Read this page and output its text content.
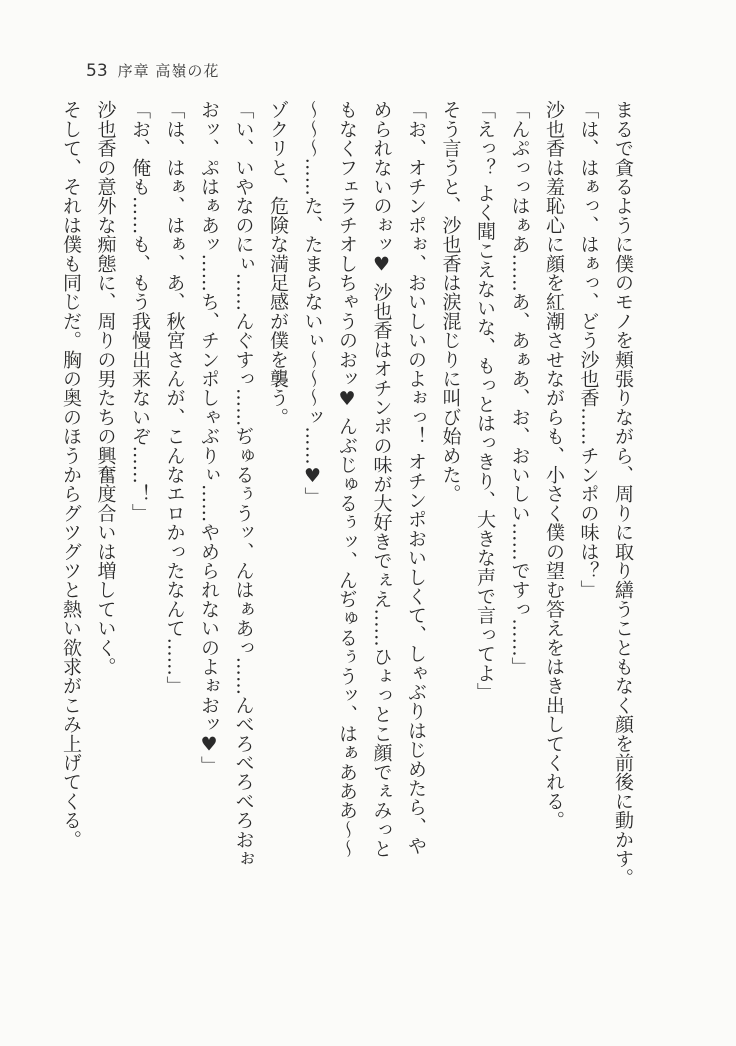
53 序章 高嶺の花
まるで貪るように僕のモノを頬張りながら、周りに取り繕うこともなく顔を前後に動かす。
「は、はぁっ、はぁっ、どう沙也香……チンポの味は？」
沙也香は羞恥心に顔を紅潮させながらも、小さく僕の望む答えをはき出してくれる。
「んぷっっはぁあ……あ、あぁあ、お、おいしい……ですっ……」
「えっ？ よく聞こえないな、もっとはっきり、大きな声で言ってよ」
そう言うと、沙也香は涙混じりに叫び始めた。
「お、オチンポぉ、おいしいのよぉっ！ オチンポおいしくて、しゃぶりはじめたら、や
められないのぉッ♥ 沙也香はオチンポの味が大好きでぇえ……ひょっとこ顔でぇみっと
もなくフェラチオしちゃうのおッ♥ んぶじゅるぅッ、んぢゅるぅうッ、はぁあああ～～
～～～……た、たまらないぃ～～～ッ……♥」
ゾクリと、危険な満足感が僕を襲う。
「い、いやなのにぃ……んぐすっ……ぢゅるぅうッ、んはぁあっ……んべろべろべろおぉ
おッ、ぷはぁあッ……ち、チンポしゃぶりぃ……やめられないのよぉおッ♥」
「は、はぁ、はぁ、あ、秋宮さんが、こんなエロかったなんて……」
「お、俺も……も、もう我慢出来ないぞ……！」
沙也香の意外な痴態に、周りの男たちの興奮度合いは増していく。
そして、それは僕も同じだ。胸の奥のほうからグツグツと熱い欲求がこみ上げてくる。
